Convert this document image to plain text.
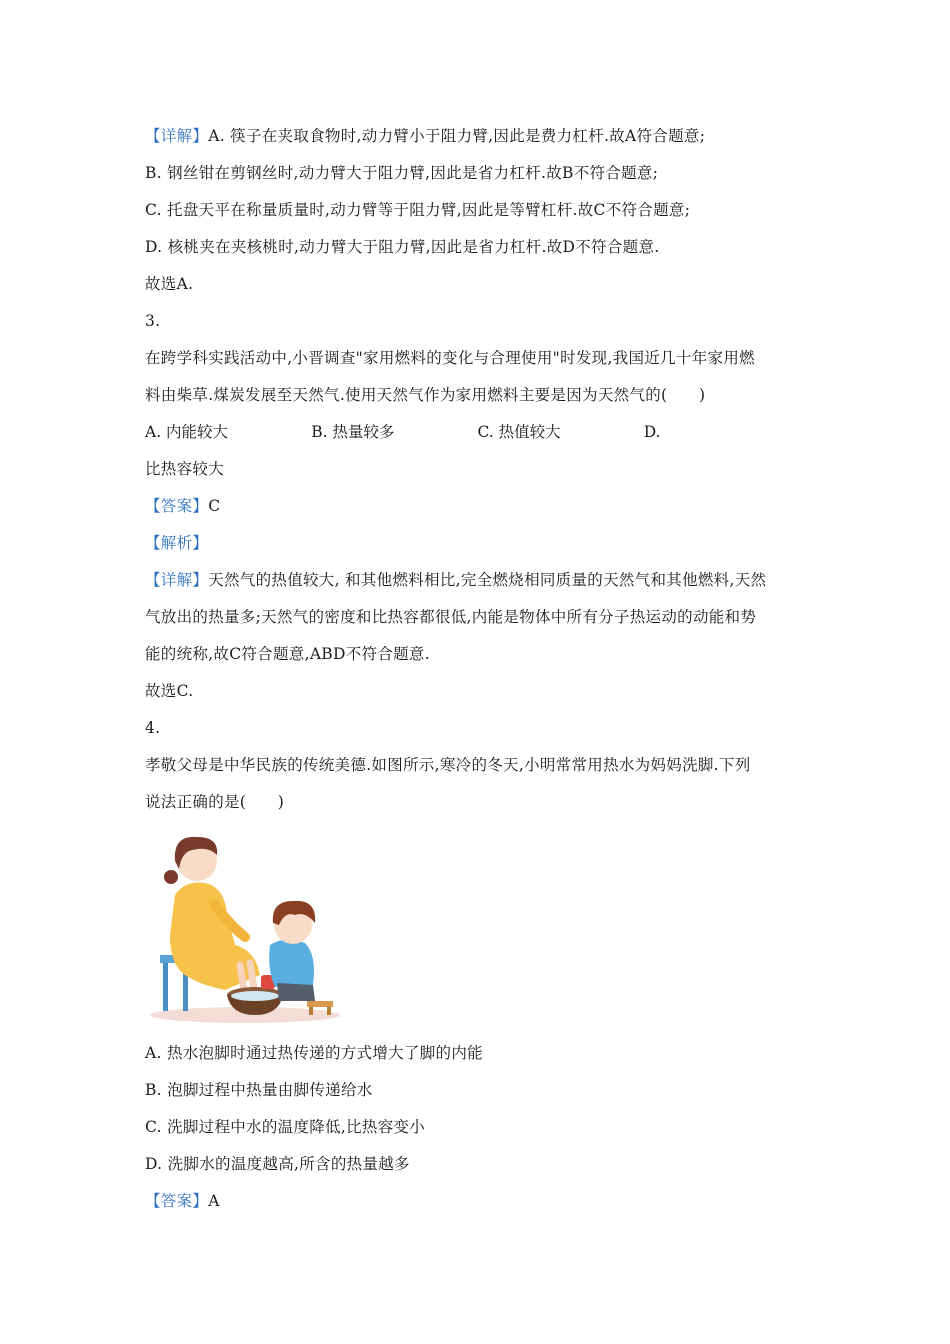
【详解】A. 筷子在夹取食物时,动力臂小于阻力臂,因此是费力杠杆.故A符合题意;
B. 钢丝钳在剪钢丝时,动力臂大于阻力臂,因此是省力杠杆.故B不符合题意;
C. 托盘天平在称量质量时,动力臂等于阻力臂,因此是等臂杠杆.故C不符合题意;
D. 核桃夹在夹核桃时,动力臂大于阻力臂,因此是省力杠杆.故D不符合题意.
故选A.
3.
在跨学科实践活动中,小晋调查"家用燃料的变化与合理使用"时发现,我国近几十年家用燃
料由柴草.煤炭发展至天然气.使用天然气作为家用燃料主要是因为天然气的(　　)
A. 内能较大	B. 热量较多	C. 热值较大	D.
比热容较大
【答案】C
【解析】
【详解】天然气的热值较大, 和其他燃料相比,完全燃烧相同质量的天然气和其他燃料,天然
气放出的热量多;天然气的密度和比热容都很低,内能是物体中所有分子热运动的动能和势
能的统称,故C符合题意,ABD不符合题意.
故选C.
4.
孝敬父母是中华民族的传统美德.如图所示,寒冷的冬天,小明常常用热水为妈妈洗脚.下列
说法正确的是(　　)
A. 热水泡脚时通过热传递的方式增大了脚的内能
B. 泡脚过程中热量由脚传递给水
C. 洗脚过程中水的温度降低,比热容变小
D. 洗脚水的温度越高,所含的热量越多
【答案】A
